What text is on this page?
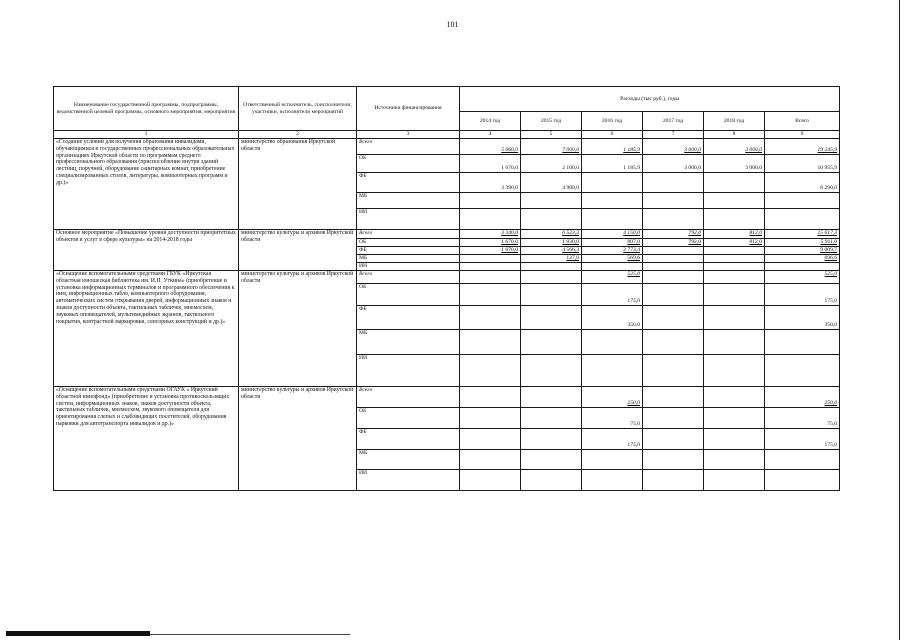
101
Наименование государственной программы, подпрограммы, ведомственной целевой программы, основного мероприятия, мероприятия	Ответственный исполнитель, соисполнители, участники, исполнители мероприятий	Источники финансирования	Расходы (тыс руб.), годы					
			2014 год	2015 год	2016 год	2017 год	2018 год	Всего
1	2	3	4	5	6	7	8	9
«Создание условий для получения образования инвалидами, обучающимися в государственных профессиональных образовательных организациях Иркутской области по программам среднего профессионального образования (приспособление внутри зданий лестниц, поручней, оборудование санитарных комнат, приобретение специализированных столов, литературы, компьютерных программ и др.)»	министерство образования Иркутской области	Всего	5 060,0	7 000,0	1 185,9	3 000,0	3 000,0	19 245,9
		ОБ	1 670,0	2 100,0	1 185,9	3 000,0	3 000,0	10 955,9
		ФБ	3 390,0	4 900,0				8 290,0
		МБ						
		ИИ						
Основное мероприятие «Повышение уровня доступности приоритетных объектов и услуг в сфере культуры» на 2014-2018 годы	министерство культуры и архивов Иркутской области	Всего	3 340,0	6 523,3	4 150,0	792,0	812,0	15 617,3
		ОБ	1 670,0	1 830,0	807,0	792,0	812,0	5 911,0
		ФБ	1 670,0	4 566,3	2 773,4			9 009,7
		МБ		127,0	569,6			696,6
		ИИ						
«Оснащение вспомогательными средствами ГБУК «Иркутская областная юношеская библиотека им. И.П. Уткина» (приобретение и установка информационных терминалов и программного обеспечения к ним, информационных табло, компьютерного оборудования, автоматических систем открывания дверей, информационных знаков и знаков доступности объекта, тактильных табличек, мнемосхем, звуковых оповещателей, мультимедийных экранов, тактильного покрытия, контрастной маркировки, сенсорных конструкций и др.)»	министерство культуры и архивов Иркутской области	Всего			525,0			525,0
		ОБ			175,0			175,0
		ФБ			350,0			350,0
		МБ						
		ИИ						
«Оснащение вспомогательными средствами ОГАУК « Иркутский областной кинофонд» (приобретение и установка противоскользящих систем, информационных знаков, знаков доступности объекта, тактильных табличек, мнемосхем, звукового оповещателя для ориентирования слепых и слабовидящих посетителей, оборудования парковки для автотранспорта инвалидов и др.)»	министерство культуры и архивов Иркутской области	Всего			250,0			250,0
		ОБ			75,0			75,0
		ФБ			175,0			175,0
		МБ						
		ИИ						
